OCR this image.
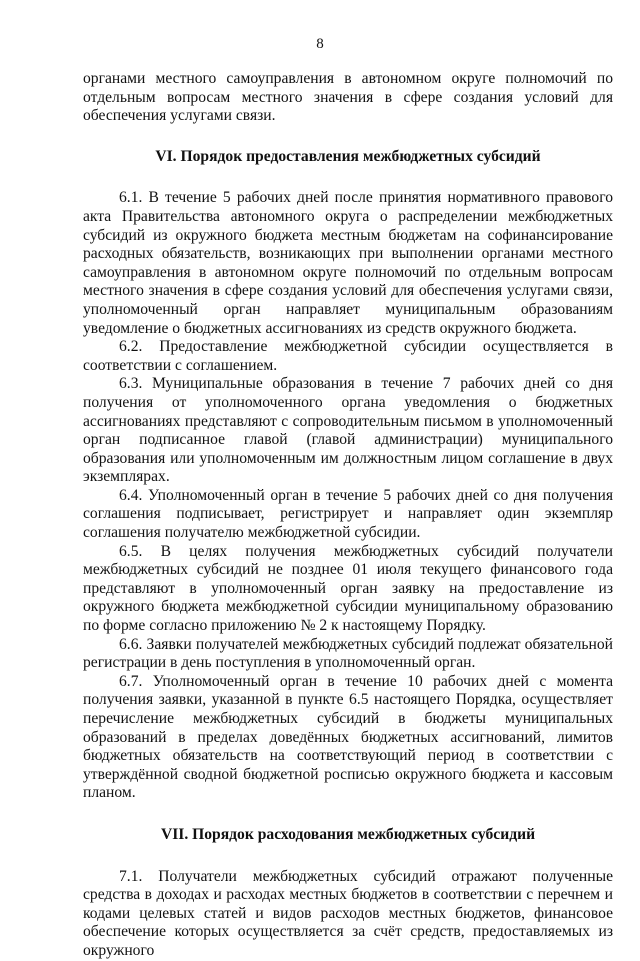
8

органами местного самоуправления в автономном округе полномочий по отдельным вопросам местного значения в сфере создания условий для обеспечения услугами связи.

VI. Порядок предоставления межбюджетных субсидий

6.1. В течение 5 рабочих дней после принятия нормативного правового акта Правительства автономного округа о распределении межбюджетных субсидий из окружного бюджета местным бюджетам на софинансирование расходных обязательств, возникающих при выполнении органами местного самоуправления в автономном округе полномочий по отдельным вопросам местного значения в сфере создания условий для обеспечения услугами связи, уполномоченный орган направляет муниципальным образованиям уведомление о бюджетных ассигнованиях из средств окружного бюджета.

6.2. Предоставление межбюджетной субсидии осуществляется в соответствии с соглашением.

6.3. Муниципальные образования в течение 7 рабочих дней со дня получения от уполномоченного органа уведомления о бюджетных ассигнованиях представляют с сопроводительным письмом в уполномоченный орган подписанное главой (главой администрации) муниципального образования или уполномоченным им должностным лицом соглашение в двух экземплярах.

6.4. Уполномоченный орган в течение 5 рабочих дней со дня получения соглашения подписывает, регистрирует и направляет один экземпляр соглашения получателю межбюджетной субсидии.

6.5. В целях получения межбюджетных субсидий получатели межбюджетных субсидий не позднее 01 июля текущего финансового года представляют в уполномоченный орган заявку на предоставление из окружного бюджета межбюджетной субсидии муниципальному образованию по форме согласно приложению № 2 к настоящему Порядку.

6.6. Заявки получателей межбюджетных субсидий подлежат обязательной регистрации в день поступления в уполномоченный орган.

6.7. Уполномоченный орган в течение 10 рабочих дней с момента получения заявки, указанной в пункте 6.5 настоящего Порядка, осуществляет перечисление межбюджетных субсидий в бюджеты муниципальных образований в пределах доведённых бюджетных ассигнований, лимитов бюджетных обязательств на соответствующий период в соответствии с утверждённой сводной бюджетной росписью окружного бюджета и кассовым планом.

VII. Порядок расходования межбюджетных субсидий

7.1. Получатели межбюджетных субсидий отражают полученные средства в доходах и расходах местных бюджетов в соответствии с перечнем и кодами целевых статей и видов расходов местных бюджетов, финансовое обеспечение которых осуществляется за счёт средств, предоставляемых из окружного
